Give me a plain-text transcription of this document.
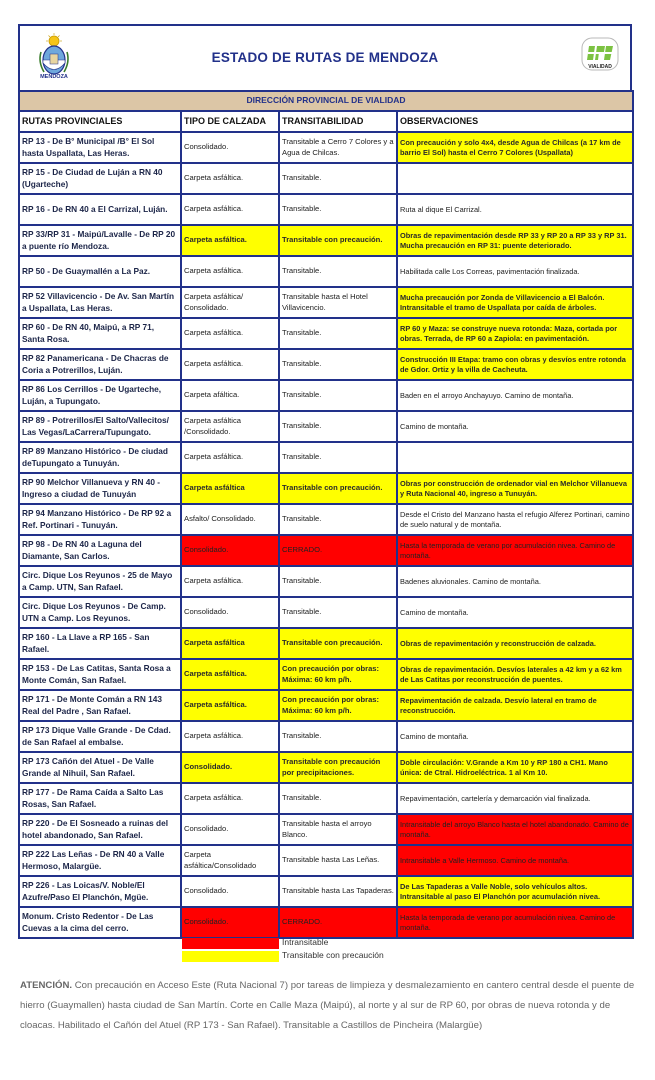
MENDOZA
ESTADO DE RUTAS DE MENDOZA
VIALIDAD
DIRECCIÓN PROVINCIAL DE VIALIDAD			
RUTAS PROVINCIALES	TIPO DE CALZADA	TRANSITABILIDAD	OBSERVACIONES
RP 13 - De B° Municipal /B° El Sol hasta Uspallata, Las Heras.	Consolidado.	Transitable a Cerro 7 Colores y a Agua de Chilcas.	Con precaución y solo 4x4, desde Agua de Chilcas (a 17 km de barrio El Sol) hasta el Cerro 7 Colores (Uspallata)
RP 15 - De Ciudad de Luján a RN 40 (Ugarteche)	Carpeta asfáltica.	Transitable.	
RP 16 - De RN 40 a El Carrizal, Luján.	Carpeta asfáltica.	Transitable.	Ruta al dique El Carrizal.
RP 33/RP 31 - Maipú/Lavalle - De RP 20 a puente río Mendoza.	Carpeta asfáltica.	Transitable con precaución.	Obras de repavimentación desde RP 33 y RP 20 a RP 33 y RP 31. Mucha precaución en RP 31: puente deteriorado.
RP 50 - De Guaymallén a La Paz.	Carpeta asfáltica.	Transitable.	Habilitada calle Los Correas, pavimentación finalizada.
RP 52 Villavicencio - De Av. San Martín a Uspallata, Las Heras.	Carpeta asfáltica/ Consolidado.	Transitable hasta el Hotel Villavicencio.	Mucha precaución por Zonda de Villavicencio a El Balcón. Intransitable el tramo de Uspallata por caída de árboles.
RP 60 - De RN 40, Maipú, a RP 71, Santa Rosa.	Carpeta asfáltica.	Transitable.	RP 60 y Maza: se construye nueva rotonda: Maza, cortada por obras. Terrada, de RP 60 a Zapiola: en pavimentación.
RP 82 Panamericana - De Chacras de Coria a Potrerillos, Luján.	Carpeta asfáltica.	Transitable.	Construcción III Etapa: tramo con obras y desvíos entre rotonda de Gdor. Ortiz y la villa de Cacheuta.
RP 86 Los Cerrillos - De Ugarteche, Luján, a Tupungato.	Carpeta afáltica.	Transitable.	Baden en el arroyo Anchayuyo. Camino de montaña.
RP 89 - Potrerillos/El Salto/Vallecitos/ Las Vegas/LaCarrera/Tupungato.	Carpeta asfáltica /Consolidado.	Transitable.	Camino de montaña.
RP 89 Manzano Histórico - De ciudad deTupungato a Tunuyán.	Carpeta asfáltica.	Transitable.	
RP 90 Melchor Villanueva y RN 40 - Ingreso a ciudad de Tunuyán	Carpeta asfáltica	Transitable con precaución.	Obras por construcción de ordenador vial en Melchor Villanueva y Ruta Nacional 40, ingreso a Tunuyán.
RP 94 Manzano Histórico - De RP 92 a Ref. Portinari - Tunuyán.	Asfalto/ Consolidado.	Transitable.	Desde el Cristo del Manzano hasta el refugio Alferez Portinari, camino de suelo natural y de montaña.
RP 98 - De RN 40 a Laguna del Diamante, San Carlos.	Consolidado.	CERRADO.	Hasta la temporada de verano por acumulación nivea. Camino de montaña.
Circ. Dique Los Reyunos - 25 de Mayo a Camp. UTN, San Rafael.	Carpeta asfáltica.	Transitable.	Badenes aluvionales. Camino de montaña.
Circ. Dique Los Reyunos - De Camp. UTN a Camp. Los Reyunos.	Consolidado.	Transitable.	Camino de montaña.
RP 160 - La Llave a RP 165 - San Rafael.	Carpeta asfáltica	Transitable con precaución.	Obras de repavimentación y reconstrucción de calzada.
RP 153 - De Las Catitas, Santa Rosa a Monte Comán, San Rafael.	Carpeta asfáltica.	Con precaución por obras: Máxima: 60 km p/h.	Obras de repavimentación. Desvíos laterales a 42 km y a 62 km de Las Catitas por reconstrucción de puentes.
RP 171 - De Monte Comán a RN 143 Real del Padre , San Rafael.	Carpeta asfáltica.	Con precaución por obras: Máxima: 60 km p/h.	Repavimentación de calzada. Desvío lateral en tramo de reconstrucción.
RP 173 Dique Valle Grande - De Cdad. de San Rafael al embalse.	Carpeta asfáltica.	Transitable.	Camino de montaña.
RP 173 Cañón del Atuel - De Valle Grande al Nihuil, San Rafael.	Consolidado.	Transitable con precaución por precipitaciones.	Doble circulación: V.Grande a Km 10 y RP 180 a CH1. Mano única: de Ctral. Hidroeléctrica. 1 al Km 10.
RP 177 - De Rama Caída a Salto Las Rosas, San Rafael.	Carpeta asfáltica.	Transitable.	Repavimentación, cartelería y demarcación vial finalizada.
RP 220 - De El Sosneado a ruinas del hotel abandonado, San Rafael.	Consolidado.	Transitable hasta el arroyo Blanco.	Intransitable del arroyo Blanco hasta el hotel abandonado. Camino de montaña.
RP 222 Las Leñas - De RN 40 a Valle Hermoso, Malargüe.	Carpeta asfáltica/Consolidado	Transitable hasta Las Leñas.	Intransitable a Valle Hermoso. Camino de montaña.
RP 226 - Las Loicas/V. Noble/El Azufre/Paso El Planchón, Mgüe.	Consolidado.	Transitable hasta Las Tapaderas.	De Las Tapaderas a Valle Noble, solo vehículos altos. Intransitable al paso El Planchón por acumulación nivea.
Monum. Cristo Redentor - De Las Cuevas a la cima del cerro.	Consolidado.	CERRADO.	Hasta la temporada de verano por acumulación nivea. Camino de montaña.
Intransitable
Transitable con precaución
ATENCIÓN. Con precaución en Acceso Este (Ruta Nacional 7) por tareas de limpieza y desmalezamiento en cantero central desde el puente de hierro (Guaymallen) hasta ciudad de San Martín. Corte en Calle Maza (Maipú), al norte y al sur de RP 60, por obras de nueva rotonda y de cloacas. Habilitado el Cañón del Atuel (RP 173 - San Rafael). Transitable a Castillos de Pincheira (Malargüe)
